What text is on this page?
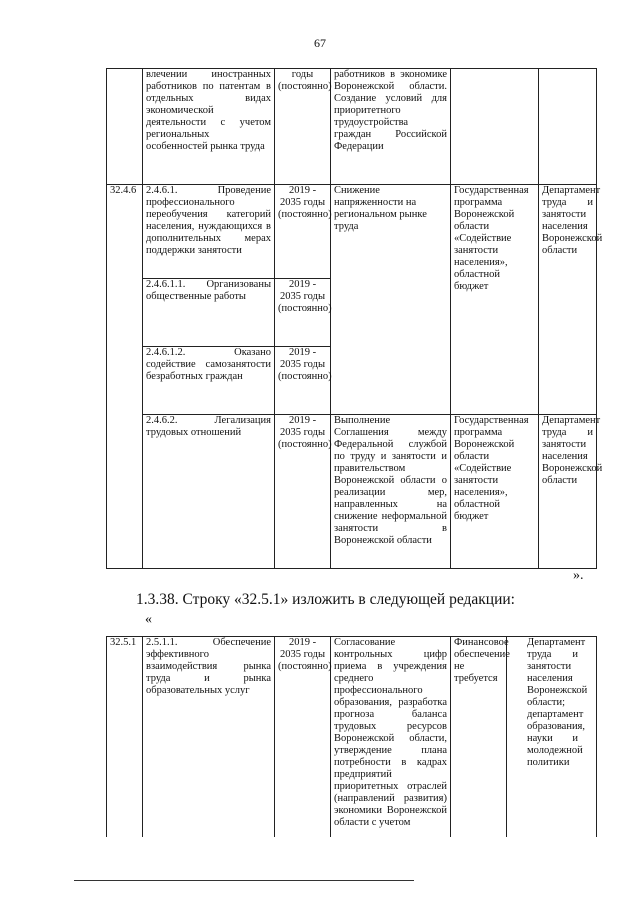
67
	влечении иностранных работников по патентам в отдельных видах экономической деятельности с учетом региональных особенностей рынка труда	годы (постоянно)	работников в экономике Воронежской области. Создание условий для приоритетного трудоустройства граждан Российской Федерации		
32.4.6	2.4.6.1. Проведение профессионального переобучения категорий населения, нуждающихся в дополнительных мерах поддержки занятости	2019 - 2035 годы (постоянно)	Снижение напряженности на региональном рынке труда	Государственная программа Воронежской области «Содействие занятости населения», областной бюджет	Департамент труда и занятости населения Воронежской области
	2.4.6.1.1. Организованы общественные работы	2019 - 2035 годы (постоянно)			
	2.4.6.1.2. Оказано содействие самозанятости безработных граждан	2019 - 2035 годы (постоянно)			
	2.4.6.2. Легализация трудовых отношений	2019 - 2035 годы (постоянно)	Выполнение Соглашения между Федеральной службой по труду и занятости и правительством Воронежской области о реализации мер, направленных на снижение неформальной занятости в Воронежской области	Государственная программа Воронежской области «Содействие занятости населения», областной бюджет	Департамент труда и занятости населения Воронежской области
».
1.3.38. Строку «32.5.1» изложить в следующей редакции:
«
32.5.1	2.5.1.1. Обеспечение эффективного взаимодействия рынка труда и рынка образовательных услуг	2019 - 2035 годы (постоянно)	Согласование контрольных цифр приема в учреждения среднего профессионального образования, разработка прогноза баланса трудовых ресурсов Воронежской области, утверждение плана потребности в кадрах предприятий приоритетных отраслей (направлений развития) экономики Воронежской области с учетом	Финансовое обеспечение не требуется	Департамент труда и занятости населения Воронежской области; департамент образования, науки и молодежной политики
